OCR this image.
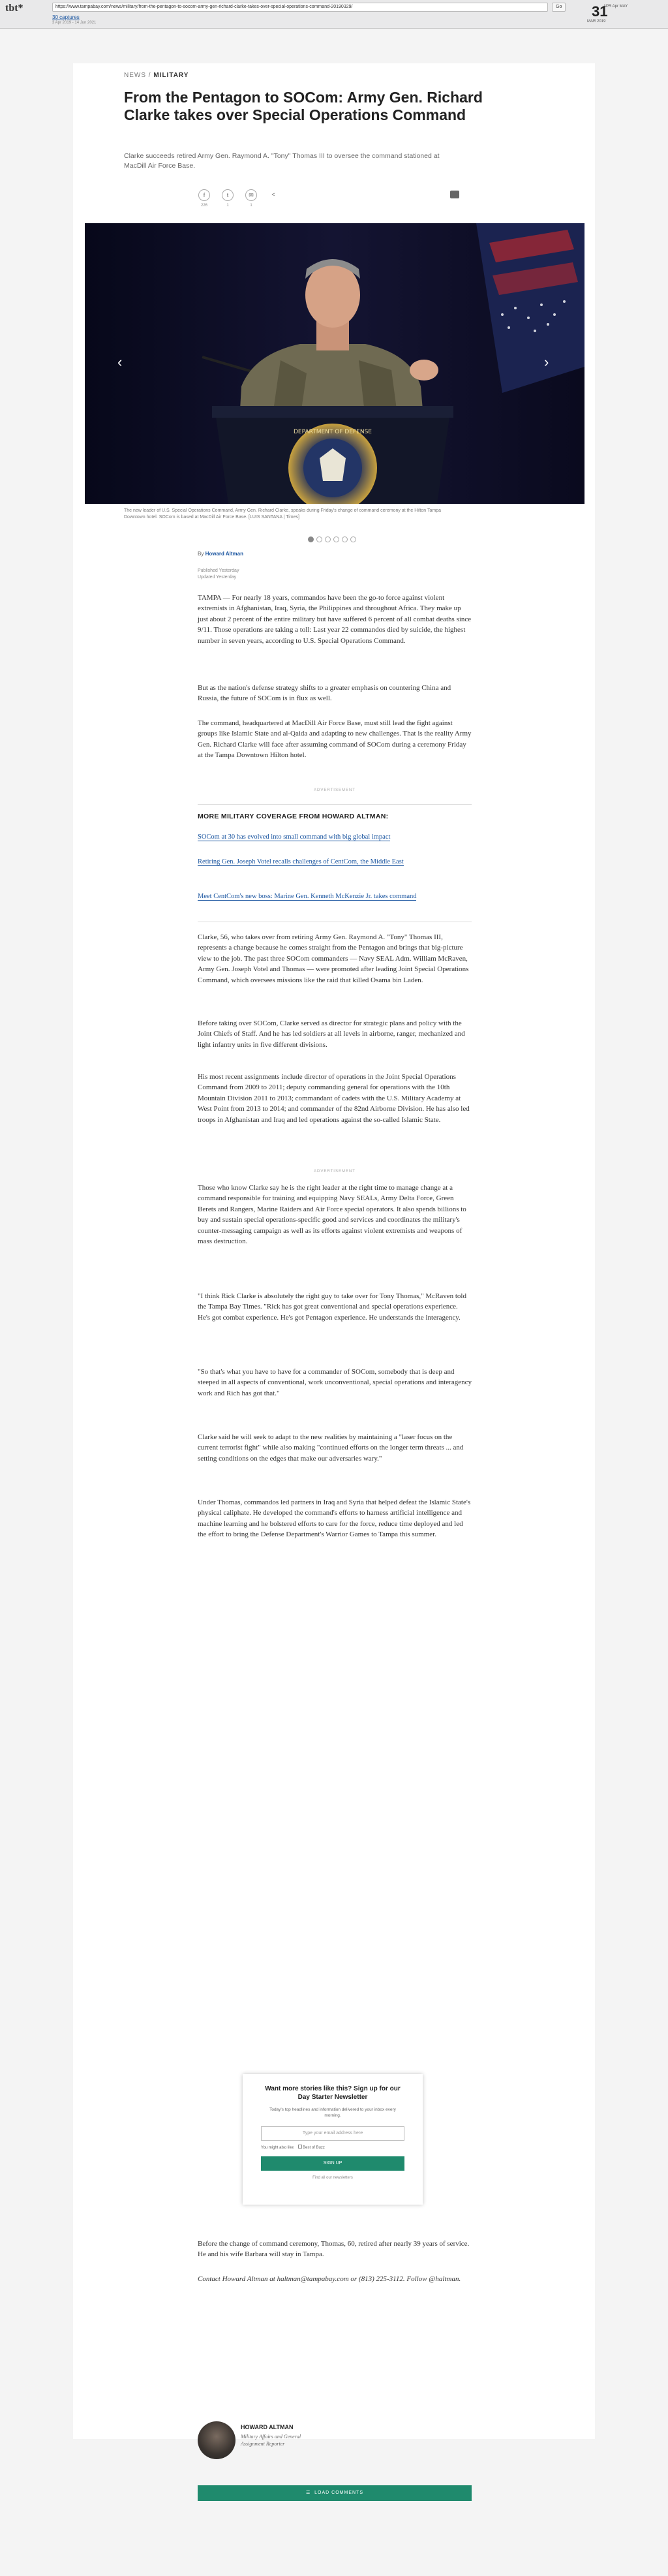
tbt*	https://www.tampabay.com/news/military/from-the-pentagon-to-socom-army-gen-richard-clarke-takes-over-special-operations-command-20190329/	Go
30 captures
3 Apr 2019 - 14 Jun 2021
APR Apr MAY
31
MAR 2019
NEWS / MILITARY
From the Pentagon to SOCom: Army Gen. Richard Clarke takes over Special Operations Command
Clarke succeeds retired Army Gen. Raymond A. "Tony" Thomas III to oversee the command stationed at MacDill Air Force Base.
f
226
t
1
✉
1
<
DEPARTMENT OF DEFENSE
‹	›
The new leader of U.S. Special Operations Command, Army Gen. Richard Clarke, speaks during Friday's change of command ceremony at the Hilton Tampa Downtown hotel. SOCom is based at MacDill Air Force Base. [LUIS SANTANA | Times]
By Howard Altman
Published Yesterday
Updated Yesterday
TAMPA — For nearly 18 years, commandos have been the go-to force against violent extremists in Afghanistan, Iraq, Syria, the Philippines and throughout Africa. They make up just about 2 percent of the entire military but have suffered 6 percent of all combat deaths since 9/11. Those operations are taking a toll: Last year 22 commandos died by suicide, the highest number in seven years, according to U.S. Special Operations Command.
But as the nation's defense strategy shifts to a greater emphasis on countering China and Russia, the future of SOCom is in flux as well.
The command, headquartered at MacDill Air Force Base, must still lead the fight against groups like Islamic State and al-Qaida and adapting to new challenges. That is the reality Army Gen. Richard Clarke will face after assuming command of SOCom during a ceremony Friday at the Tampa Downtown Hilton hotel.
ADVERTISEMENT
MORE MILITARY COVERAGE FROM HOWARD ALTMAN:
SOCom at 30 has evolved into small command with big global impact
Retiring Gen. Joseph Votel recalls challenges of CentCom, the Middle East
Meet CentCom's new boss: Marine Gen. Kenneth McKenzie Jr. takes command
Clarke, 56, who takes over from retiring Army Gen. Raymond A. "Tony" Thomas III, represents a change because he comes straight from the Pentagon and brings that big-picture view to the job. The past three SOCom commanders — Navy SEAL Adm. William McRaven, Army Gen. Joseph Votel and Thomas — were promoted after leading Joint Special Operations Command, which oversees missions like the raid that killed Osama bin Laden.
Before taking over SOCom, Clarke served as director for strategic plans and policy with the Joint Chiefs of Staff. And he has led soldiers at all levels in airborne, ranger, mechanized and light infantry units in five different divisions.
His most recent assignments include director of operations in the Joint Special Operations Command from 2009 to 2011; deputy commanding general for operations with the 10th Mountain Division 2011 to 2013; commandant of cadets with the U.S. Military Academy at West Point from 2013 to 2014; and commander of the 82nd Airborne Division. He has also led troops in Afghanistan and Iraq and led operations against the so-called Islamic State.
ADVERTISEMENT
Those who know Clarke say he is the right leader at the right time to manage change at a command responsible for training and equipping Navy SEALs, Army Delta Force, Green Berets and Rangers, Marine Raiders and Air Force special operators. It also spends billions to buy and sustain special operations-specific good and services and coordinates the military's counter-messaging campaign as well as its efforts against violent extremists and weapons of mass destruction.
"I think Rick Clarke is absolutely the right guy to take over for Tony Thomas," McRaven told the Tampa Bay Times. "Rick has got great conventional and special operations experience. He's got combat experience. He's got Pentagon experience. He understands the interagency.
"So that's what you have to have for a commander of SOCom, somebody that is deep and steeped in all aspects of conventional, work unconventional, special operations and interagency work and Rich has got that."
Clarke said he will seek to adapt to the new realities by maintaining a "laser focus on the current terrorist fight" while also making "continued efforts on the longer term threats ... and setting conditions on the edges that make our adversaries wary."
Under Thomas, commandos led partners in Iraq and Syria that helped defeat the Islamic State's physical caliphate. He developed the command's efforts to harness artificial intelligence and machine learning and he bolstered efforts to care for the force, reduce time deployed and led the effort to bring the Defense Department's Warrior Games to Tampa this summer.
Want more stories like this? Sign up for our Day Starter Newsletter
Today's top headlines and information delivered to your inbox every morning.
Type your email address here
You might also like: Best of Buzz
SIGN UP
Find all our newsletters
Before the change of command ceremony, Thomas, 60, retired after nearly 39 years of service. He and his wife Barbara will stay in Tampa.
Contact Howard Altman at haltman@tampabay.com or (813) 225-3112. Follow @haltman.
HOWARD ALTMAN
Military Affairs and General Assignment Reporter
☰ LOAD COMMENTS
